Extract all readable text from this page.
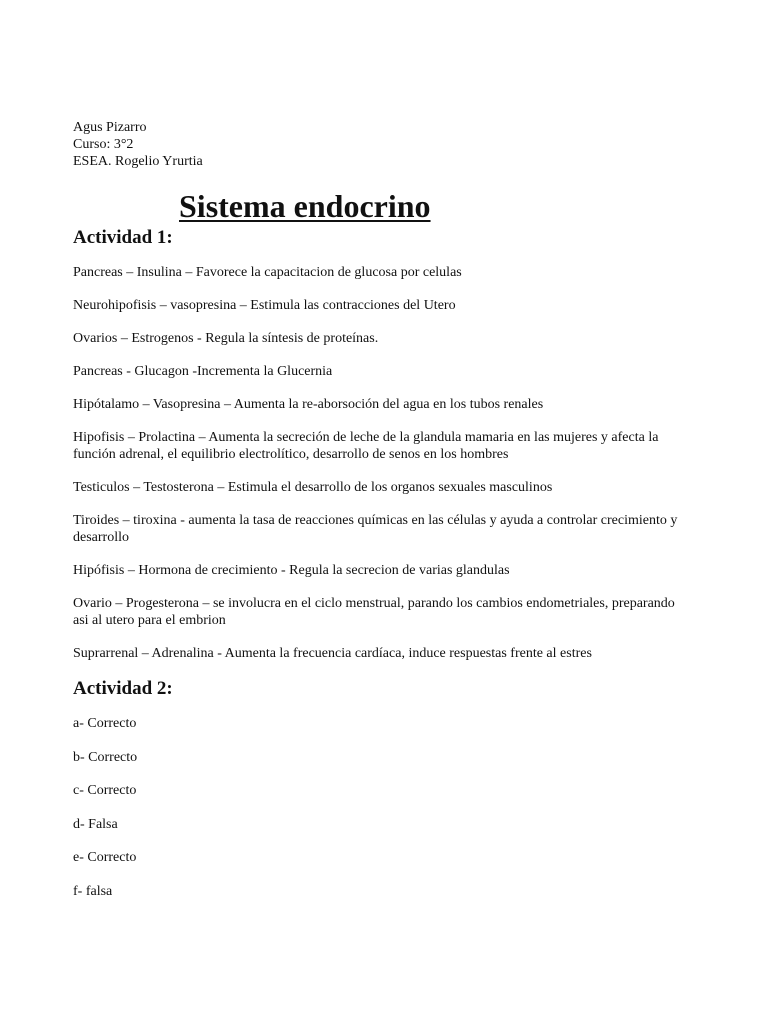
Agus Pizarro
Curso: 3°2
ESEA. Rogelio Yrurtia
Sistema endocrino
Actividad 1:

Pancreas – Insulina – Favorece la capacitacion de glucosa por celulas

Neurohipofisis – vasopresina – Estimula las contracciones del Utero

Ovarios – Estrogenos - Regula la síntesis de proteínas.

Pancreas - Glucagon -Incrementa la Glucernia

Hipótalamo – Vasopresina – Aumenta la re-aborsoción del agua en los tubos renales

Hipofisis – Prolactina – Aumenta la secreción de leche de la glandula mamaria en las mujeres y afecta la función adrenal, el equilibrio electrolítico, desarrollo de senos en los hombres

Testiculos – Testosterona – Estimula el desarrollo de los organos sexuales masculinos

Tiroides – tiroxina - aumenta la tasa de reacciones químicas en las células y ayuda a controlar crecimiento y desarrollo

Hipófisis – Hormona de crecimiento - Regula la secrecion de varias glandulas

Ovario – Progesterona – se involucra en el ciclo menstrual, parando los cambios endometriales, preparando asi al utero para el embrion

Suprarrenal – Adrenalina - Aumenta la frecuencia cardíaca, induce respuestas frente al estres

Actividad 2:

a- Correcto

b- Correcto

c- Correcto

d- Falsa

e- Correcto

f- falsa
